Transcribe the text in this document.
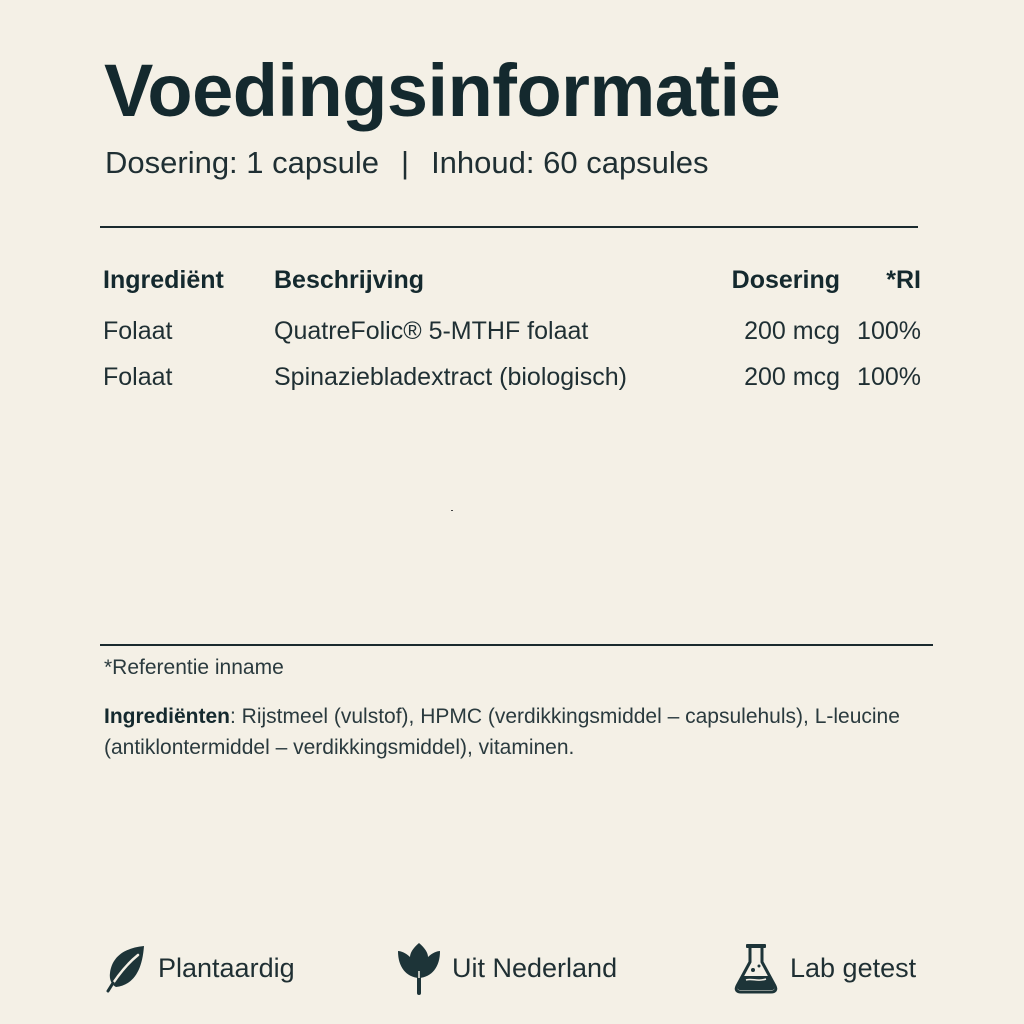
Voedingsinformatie
Dosering: 1 capsule | Inhoud: 60 capsules
Ingrediënt	Beschrijving	Dosering	*RI
Folaat	QuatreFolic® 5-MTHF folaat	200 mcg	100%
Folaat	Spinaziebladextract (biologisch)	200 mcg	100%
*Referentie inname
Ingrediënten: Rijstmeel (vulstof), HPMC (verdikkingsmiddel – capsulehuls), L-leucine (antiklontermiddel – verdikkingsmiddel), vitaminen.
Plantaardig	Uit Nederland	Lab getest
